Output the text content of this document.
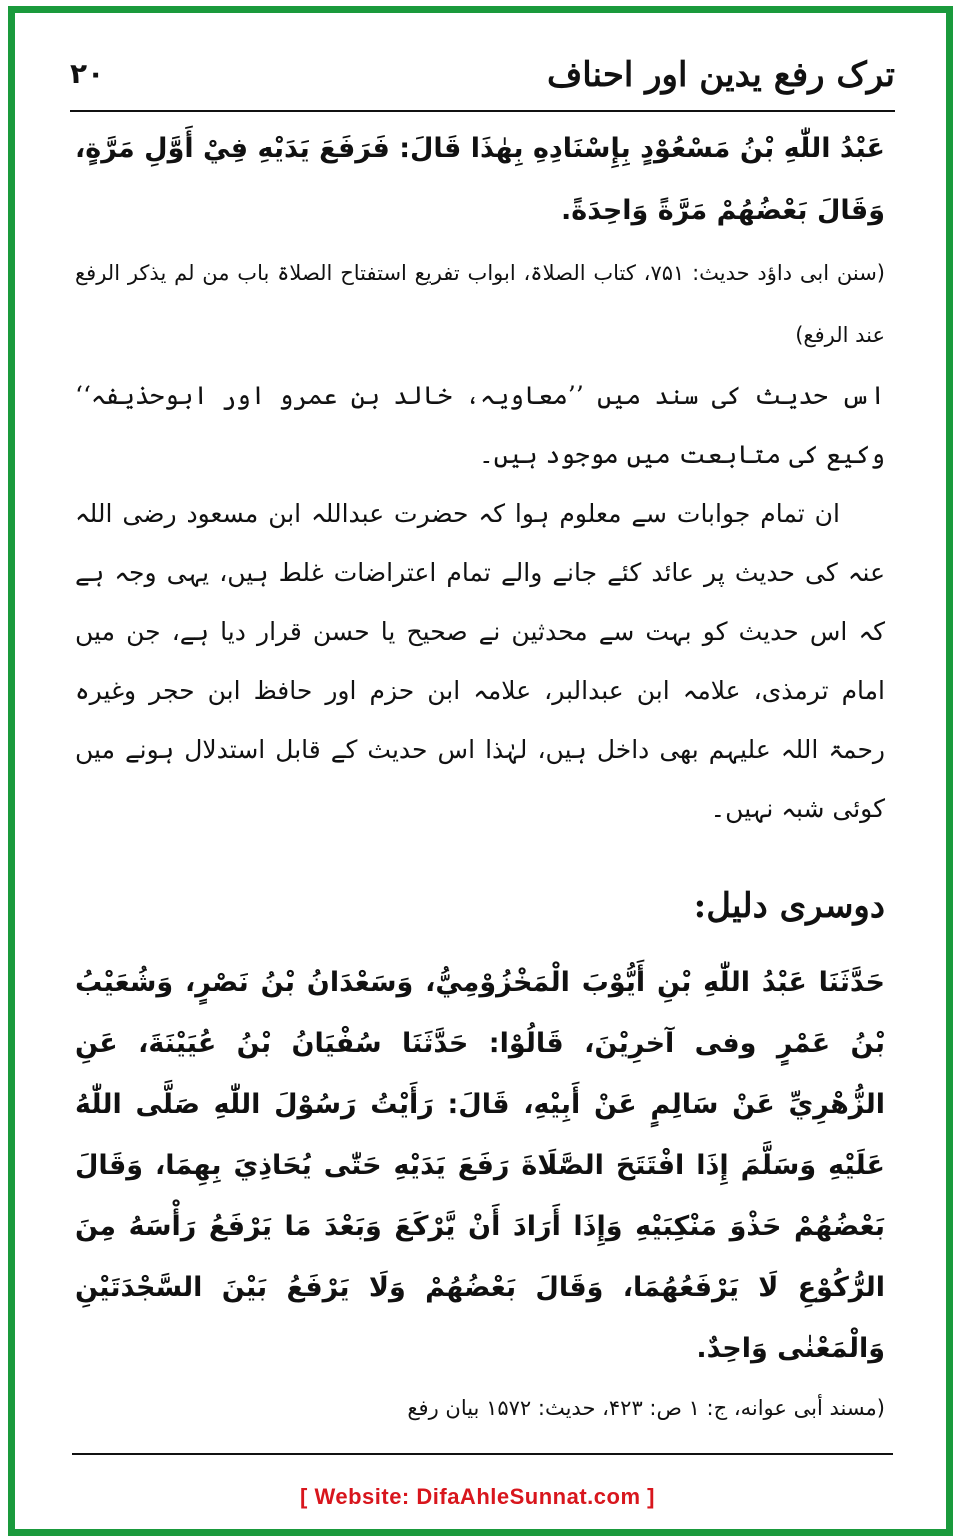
ترک رفع یدین اور احناف
۲۰

عَبْدُ اللّٰهِ بْنُ مَسْعُوْدٍ بِإِسْنَادِهِ بِهٰذَا قَالَ: فَرَفَعَ يَدَيْهِ فِيْ أَوَّلِ مَرَّةٍ، وَقَالَ بَعْضُهُمْ مَرَّةً وَاحِدَةً.

(سنن ابی داؤد حدیث: ۷۵۱، کتاب الصلاۃ، ابواب تفریع استفتاح الصلاۃ باب من لم یذکر الرفع عند الرفع)

اس حدیث کی سند میں ’’معاویہ، خالد بن عمرو اور ابوحذیفہ‘‘ وکیع کی متابعت میں موجود ہیں۔

ان تمام جوابات سے معلوم ہوا کہ حضرت عبداللہ ابن مسعود رضی اللہ عنہ کی حدیث پر عائد کئے جانے والے تمام اعتراضات غلط ہیں، یہی وجہ ہے کہ اس حدیث کو بہت سے محدثین نے صحیح یا حسن قرار دیا ہے، جن میں امام ترمذی، علامہ ابن عبدالبر، علامہ ابن حزم اور حافظ ابن حجر وغیرہ رحمۃ اللہ علیہم بھی داخل ہیں، لہٰذا اس حدیث کے قابل استدلال ہونے میں کوئی شبہ نہیں۔

دوسری دلیل:

حَدَّثَنَا عَبْدُ اللّٰهِ بْنِ أَيُّوْبَ الْمَخْزُوْمِيُّ، وَسَعْدَانُ بْنُ نَصْرٍ، وَشُعَيْبُ بْنُ عَمْرٍ وفى آخرِيْنَ، قَالُوْا: حَدَّثَنَا سُفْيَانُ بْنُ عُيَيْنَةَ، عَنِ الزُّهْرِيِّ عَنْ سَالِمٍ عَنْ أَبِيْهِ، قَالَ: رَأَيْتُ رَسُوْلَ اللّٰهِ صَلَّى اللّٰهُ عَلَيْهِ وَسَلَّمَ إِذَا افْتَتَحَ الصَّلَاةَ رَفَعَ يَدَيْهِ حَتّٰى يُحَاذِيَ بِهِمَا، وَقَالَ بَعْضُهُمْ حَذْوَ مَنْكِبَيْهِ وَإِذَا أَرَادَ أَنْ يَّرْكَعَ وَبَعْدَ مَا يَرْفَعُ رَأْسَهُ مِنَ الرُّكُوْعِ لَا يَرْفَعُهُمَا، وَقَالَ بَعْضُهُمْ وَلَا يَرْفَعُ بَيْنَ السَّجْدَتَيْنِ وَالْمَعْنٰى وَاحِدٌ.

(مسند أبی عوانه، ج: ۱ ص: ۴۲۳، حدیث: ۱۵۷۲ بیان رفع

[ Website: DifaAhleSunnat.com ]
